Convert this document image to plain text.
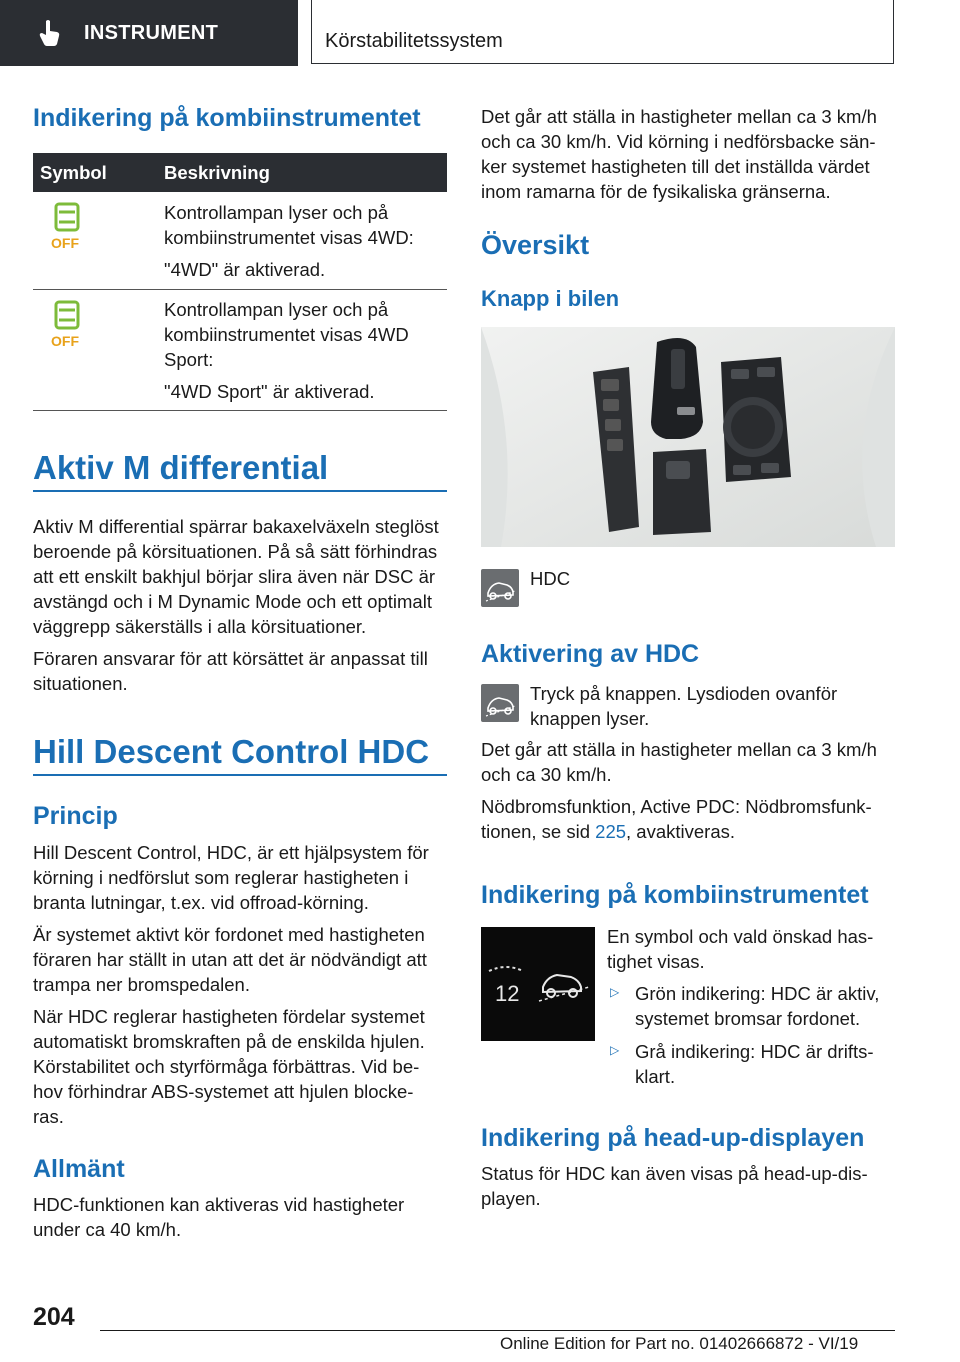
INSTRUMENT	Körstabilitetssystem
Indikering på kombiinstrumentet
Symbol	Beskrivning
OFF

Kontrollampan lyser och på

kombiinstrumentet visas 4WD:

"4WD" är aktiverad.

OFF

Kontrollampan lyser och på

kombiinstrumentet visas 4WD

Sport:

"4WD Sport" är aktiverad.

Aktiv M differential

Aktiv M differential spärrar bakaxelväxeln steglöst

beroende på körsituationen. På så sätt förhindras

att ett enskilt bakhjul börjar slira även när DSC är

avstängd och i M Dynamic Mode och ett optimalt

väggrepp säkerställs i alla körsituationer.

Föraren ansvarar för att körsättet är anpassat till

situationen.

Hill Descent Control HDC
Princip

Hill Descent Control, HDC, är ett hjälpsystem för

körning i nedförslut som reglerar hastigheten i

branta lutningar, t.ex. vid offroad-körning.

Är systemet aktivt kör fordonet med hastigheten

föraren har ställt in utan att det är nödvändigt att

trampa ner bromspedalen.

När HDC reglerar hastigheten fördelar systemet

automatiskt bromskraften på de enskilda hjulen.

Körstabilitet och styrförmåga förbättras. Vid be-

hov förhindrar ABS-systemet att hjulen blocke-

ras.

Allmänt

HDC-funktionen kan aktiveras vid hastigheter

under ca 40 km/h.

Det går att ställa in hastigheter mellan ca 3 km/h

och ca 30 km/h. Vid körning i nedförsbacke sän-

ker systemet hastigheten till det inställda värdet

inom ramarna för de fysikaliska gränserna.

Översikt
Knapp i bilen

HDC

Aktivering av HDC

Tryck på knappen. Lysdioden ovanför

knappen lyser.

Det går att ställa in hastigheter mellan ca 3 km/h

och ca 30 km/h.

Nödbromsfunktion, Active PDC: Nödbromsfunk-

tionen, se sid 225, avaktiveras.

Indikering på kombiinstrumentet
12

En symbol och vald önskad has-

tighet visas.

▷ Grön indikering: HDC är aktiv,

systemet bromsar fordonet.

▷ Grå indikering: HDC är drifts-

klart.

Indikering på head-up-displayen

Status för HDC kan även visas på head-up-dis-

playen.

204
Online Edition for Part no. 01402666872 - VI/19
